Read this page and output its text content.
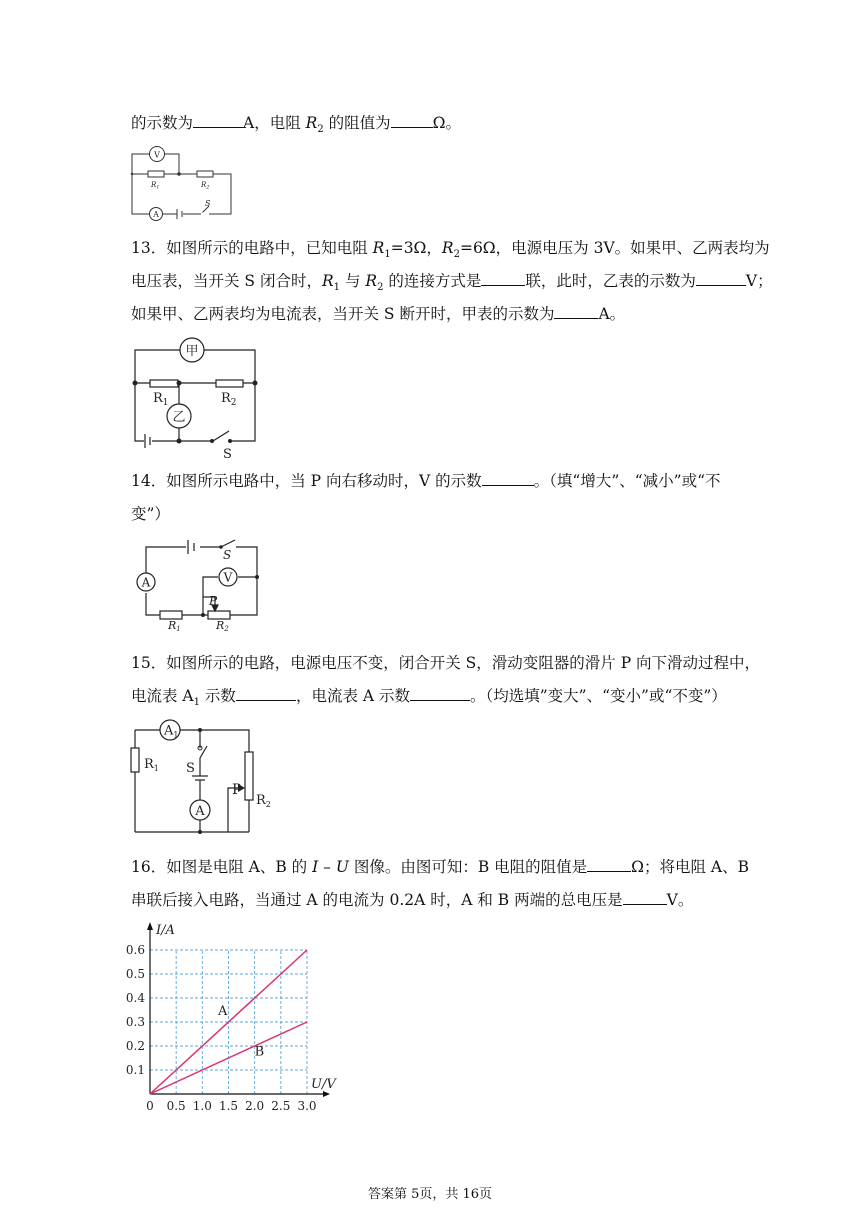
的示数为	A，电阻 $R_2$ 的阻值为	Ω。
V
A
$R_1$	$R_2$
S
13．如图所示的电路中，已知电阻 $R_1=3\Omega$，$R_2=6\Omega$，电源电压为 3V。如果甲、乙两表均为
电压表，当开关 S 闭合时，$R_1$ 与 $R_2$ 的连接方式是	联，此时，乙表的示数为	V；
如果甲、乙两表均为电流表，当开关 S 断开时，甲表的示数为	A。
甲
乙
$R_1$	$R_2$
S
14．如图所示电路中，当 P 向右移动时，V 的示数	。（填“增大”、“减小”或“不
变”）
A	V
S
P
R1	R2
15．如图所示的电路，电源电压不变，闭合开关 S，滑动变阻器的滑片 P 向下滑动过程中，
电流表 $A_1$ 示数	，电流表 A 示数	。（均选填”变大”、“变小”或“不变”）
$A_1$
A
$R_1$
$R_2$
S
P
16．如图是电阻 A、B 的 I – U 图像。由图可知：B 电阻的阻值是	Ω；将电阻 A、B
串联后接入电路，当通过 A 的电流为 0.2A 时，A 和 B 两端的总电压是	V。
0.1
0.2
0.3
0.4
0.5
0.6
0 0.5 1.0 1.5 2.0 2.5 3.0
I/A
U/V
A
B
答案第 5页，共 16页
